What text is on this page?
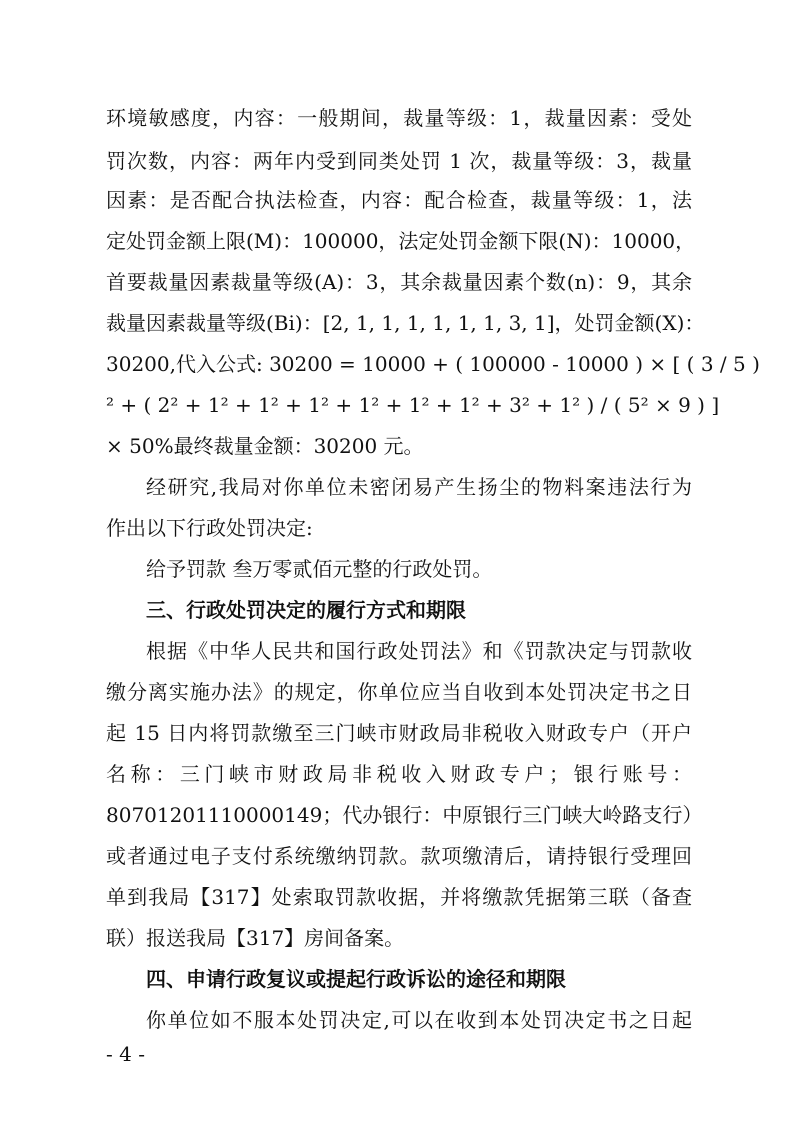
环境敏感度，内容：一般期间，裁量等级：1，裁量因素：受处
罚次数，内容：两年内受到同类处罚 1 次，裁量等级：3，裁量
因素：是否配合执法检查，内容：配合检查，裁量等级：1，法
定处罚金额上限(M)：100000，法定处罚金额下限(N)：10000，
首要裁量因素裁量等级(A)：3，其余裁量因素个数(n)：9，其余
裁量因素裁量等级(Bi)：[2, 1, 1, 1, 1, 1, 1, 3, 1]，处罚金额(X)：
30200,代入公式: 30200 = 10000 + ( 100000 - 10000 ) × [ ( 3 / 5 )
² + ( 2² + 1² + 1² + 1² + 1² + 1² + 1² + 3² + 1² ) / ( 5² × 9 ) ]
× 50%最终裁量金额：30200 元。
经研究,我局对你单位未密闭易产生扬尘的物料案违法行为
作出以下行政处罚决定:
给予罚款 叁万零贰佰元整的行政处罚。
三、行政处罚决定的履行方式和期限
根据《中华人民共和国行政处罚法》和《罚款决定与罚款收
缴分离实施办法》的规定，你单位应当自收到本处罚决定书之日
起 15 日内将罚款缴至三门峡市财政局非税收入财政专户（开户
名称：三门峡市财政局非税收入财政专户；银行账号：
80701201110000149；代办银行：中原银行三门峡大岭路支行）
或者通过电子支付系统缴纳罚款。款项缴清后，请持银行受理回
单到我局【317】处索取罚款收据，并将缴款凭据第三联（备查
联）报送我局【317】房间备案。
四、申请行政复议或提起行政诉讼的途径和期限
你单位如不服本处罚决定,可以在收到本处罚决定书之日起
- 4 -
